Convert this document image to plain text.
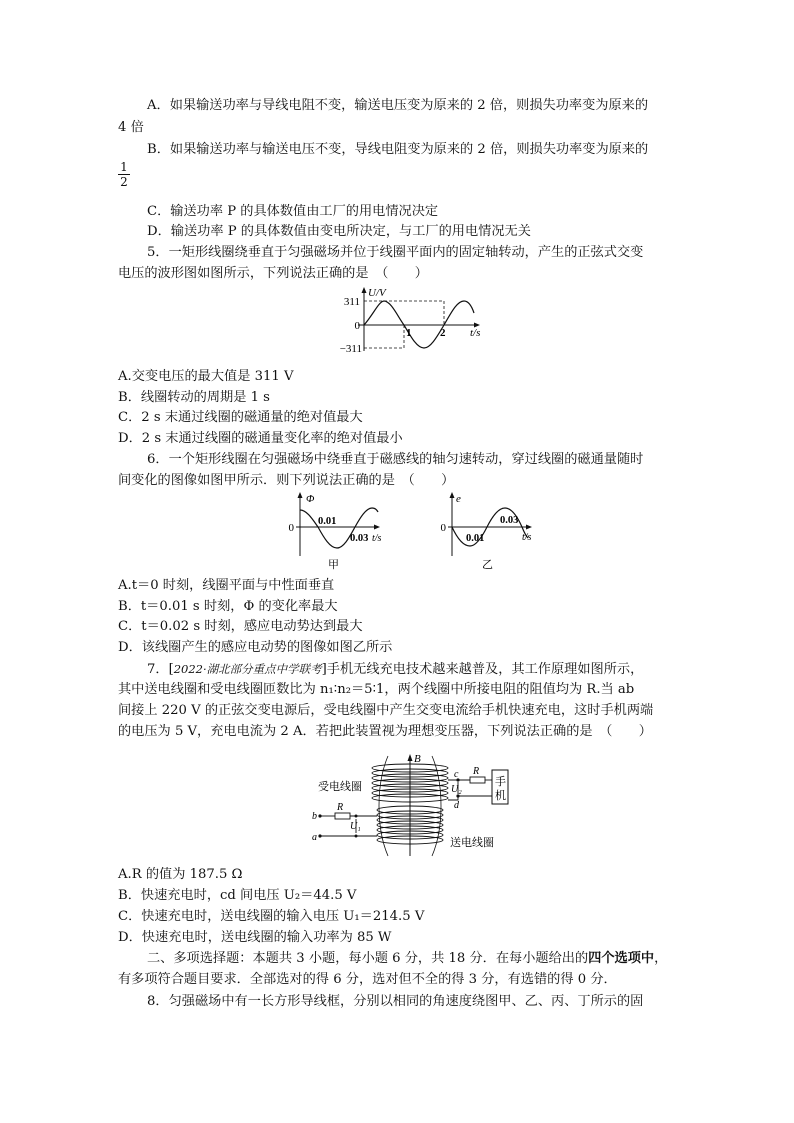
A．如果输送功率与导线电阻不变，输送电压变为原来的 2 倍，则损失功率变为原来的
4 倍
B．如果输送功率与输送电压不变，导线电阻变为原来的 2 倍，则损失功率变为原来的
$\frac{1}{2}$
C．输送功率 P 的具体数值由工厂的用电情况决定
D．输送功率 P 的具体数值由变电所决定，与工厂的用电情况无关
5．一矩形线圈绕垂直于匀强磁场并位于线圈平面内的固定轴转动，产生的正弦式交变
电压的波形图如图所示，下列说法正确的是　（　　）
U/V
311
0
−311
1	2 t/s
A.交变电压的最大值是 311 V
B．线圈转动的周期是 1 s
C．2 s 末通过线圈的磁通量的绝对值最大
D．2 s 末通过线圈的磁通量变化率的绝对值最小
6．一个矩形线圈在匀强磁场中绕垂直于磁感线的轴匀速转动，穿过线圈的磁通量随时
间变化的图像如图甲所示．则下列说法正确的是　（　　）
Φ
0
0.01
0.03 t/s
甲
e
0
0.01
0.03
t/s
乙
A.t＝0 时刻，线圈平面与中性面垂直
B．t＝0.01 s 时刻，Φ 的变化率最大
C．t＝0.02 s 时刻，感应电动势达到最大
D．该线圈产生的感应电动势的图像如图乙所示
7．[2022·湖北部分重点中学联考]手机无线充电技术越来越普及，其工作原理如图所示，
其中送电线圈和受电线圈匝数比为 n₁∶n₂＝5∶1，两个线圈中所接电阻的阻值均为 R.当 ab
间接上 220 V 的正弦交变电源后，受电线圈中产生交变电流给手机快速充电，这时手机两端
的电压为 5 V，充电电流为 2 A．若把此装置视为理想变压器，下列说法正确的是　（　　）
B
受电线圈
送电线圈
手
机
R
c
d
U₂
R
b
a
U₁
A.R 的值为 187.5 Ω
B．快速充电时，cd 间电压 U₂＝44.5 V
C．快速充电时，送电线圈的输入电压 U₁＝214.5 V
D．快速充电时，送电线圈的输入功率为 85 W
二、多项选择题：本题共 3 小题，每小题 6 分，共 18 分．在每小题给出的四个选项中，
有多项符合题目要求．全部选对的得 6 分，选对但不全的得 3 分，有选错的得 0 分．
8．匀强磁场中有一长方形导线框，分别以相同的角速度绕图甲、乙、丙、丁所示的固
